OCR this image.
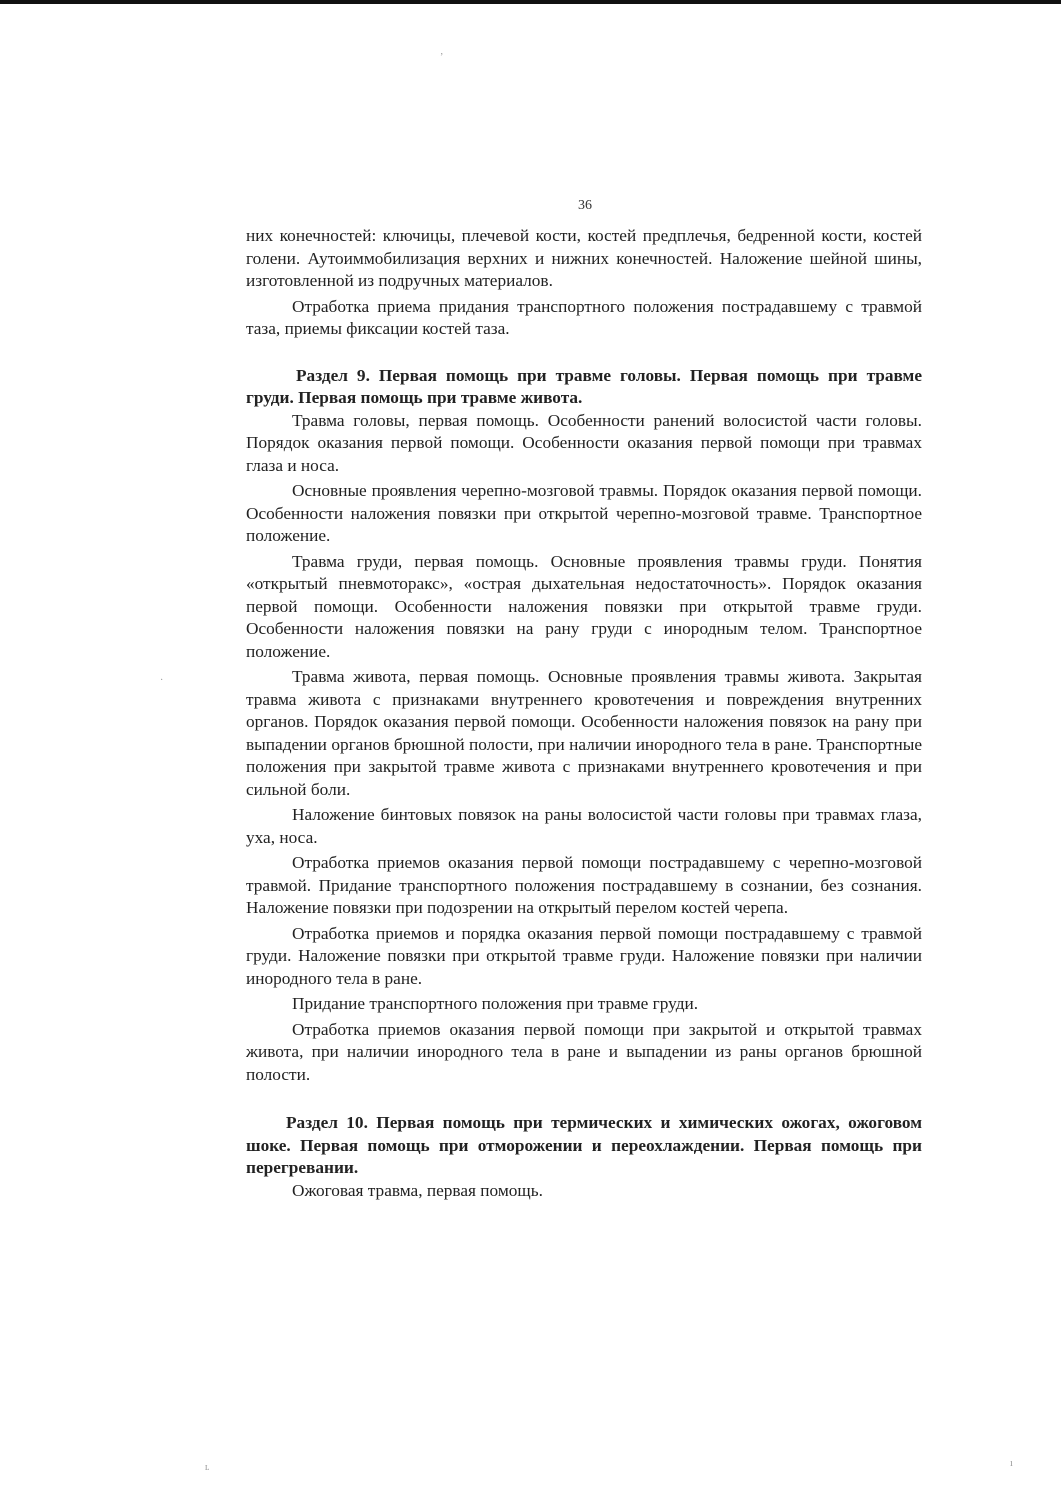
36

них конечностей: ключицы, плечевой кости, костей предплечья, бедренной кости, костей голени. Аутоиммобилизация верхних и нижних конечностей. Наложение шейной шины, изготовленной из подручных материалов.

Отработка приема придания транспортного положения пострадавшему с травмой таза, приемы фиксации костей таза.

Раздел 9. Первая помощь при травме головы. Первая помощь при травме груди. Первая помощь при травме живота.

Травма головы, первая помощь. Особенности ранений волосистой части головы. Порядок оказания первой помощи. Особенности оказания первой помощи при травмах глаза и носа.

Основные проявления черепно-мозговой травмы. Порядок оказания первой помощи. Особенности наложения повязки при открытой черепно-мозговой травме. Транспортное положение.

Травма груди, первая помощь. Основные проявления травмы груди. Понятия «открытый пневмоторакс», «острая дыхательная недостаточность». Порядок оказания первой помощи. Особенности наложения повязки при открытой травме груди. Особенности наложения повязки на рану груди с инородным телом. Транспортное положение.

Травма живота, первая помощь. Основные проявления травмы живота. Закрытая травма живота с признаками внутреннего кровотечения и повреждения внутренних органов. Порядок оказания первой помощи. Особенности наложения повязок на рану при выпадении органов брюшной полости, при наличии инородного тела в ране. Транспортные положения при закрытой травме живота с признаками внутреннего кровотечения и при сильной боли.

Наложение бинтовых повязок на раны волосистой части головы при травмах глаза, уха, носа.

Отработка приемов оказания первой помощи пострадавшему с черепно-мозговой травмой. Придание транспортного положения пострадавшему в сознании, без сознания. Наложение повязки при подозрении на открытый перелом костей черепа.

Отработка приемов и порядка оказания первой помощи пострадавшему с травмой груди. Наложение повязки при открытой травме груди. Наложение повязки при наличии инородного тела в ране.

Придание транспортного положения при травме груди.

Отработка приемов оказания первой помощи при закрытой и открытой травмах живота, при наличии инородного тела в ране и выпадении из раны органов брюшной полости.

Раздел 10. Первая помощь при термических и химических ожогах, ожоговом шоке. Первая помощь при отморожении и переохлаждении. Первая помощь при перегревании.

Ожоговая травма, первая помощь.

ʼ
·
ʟ	ı
